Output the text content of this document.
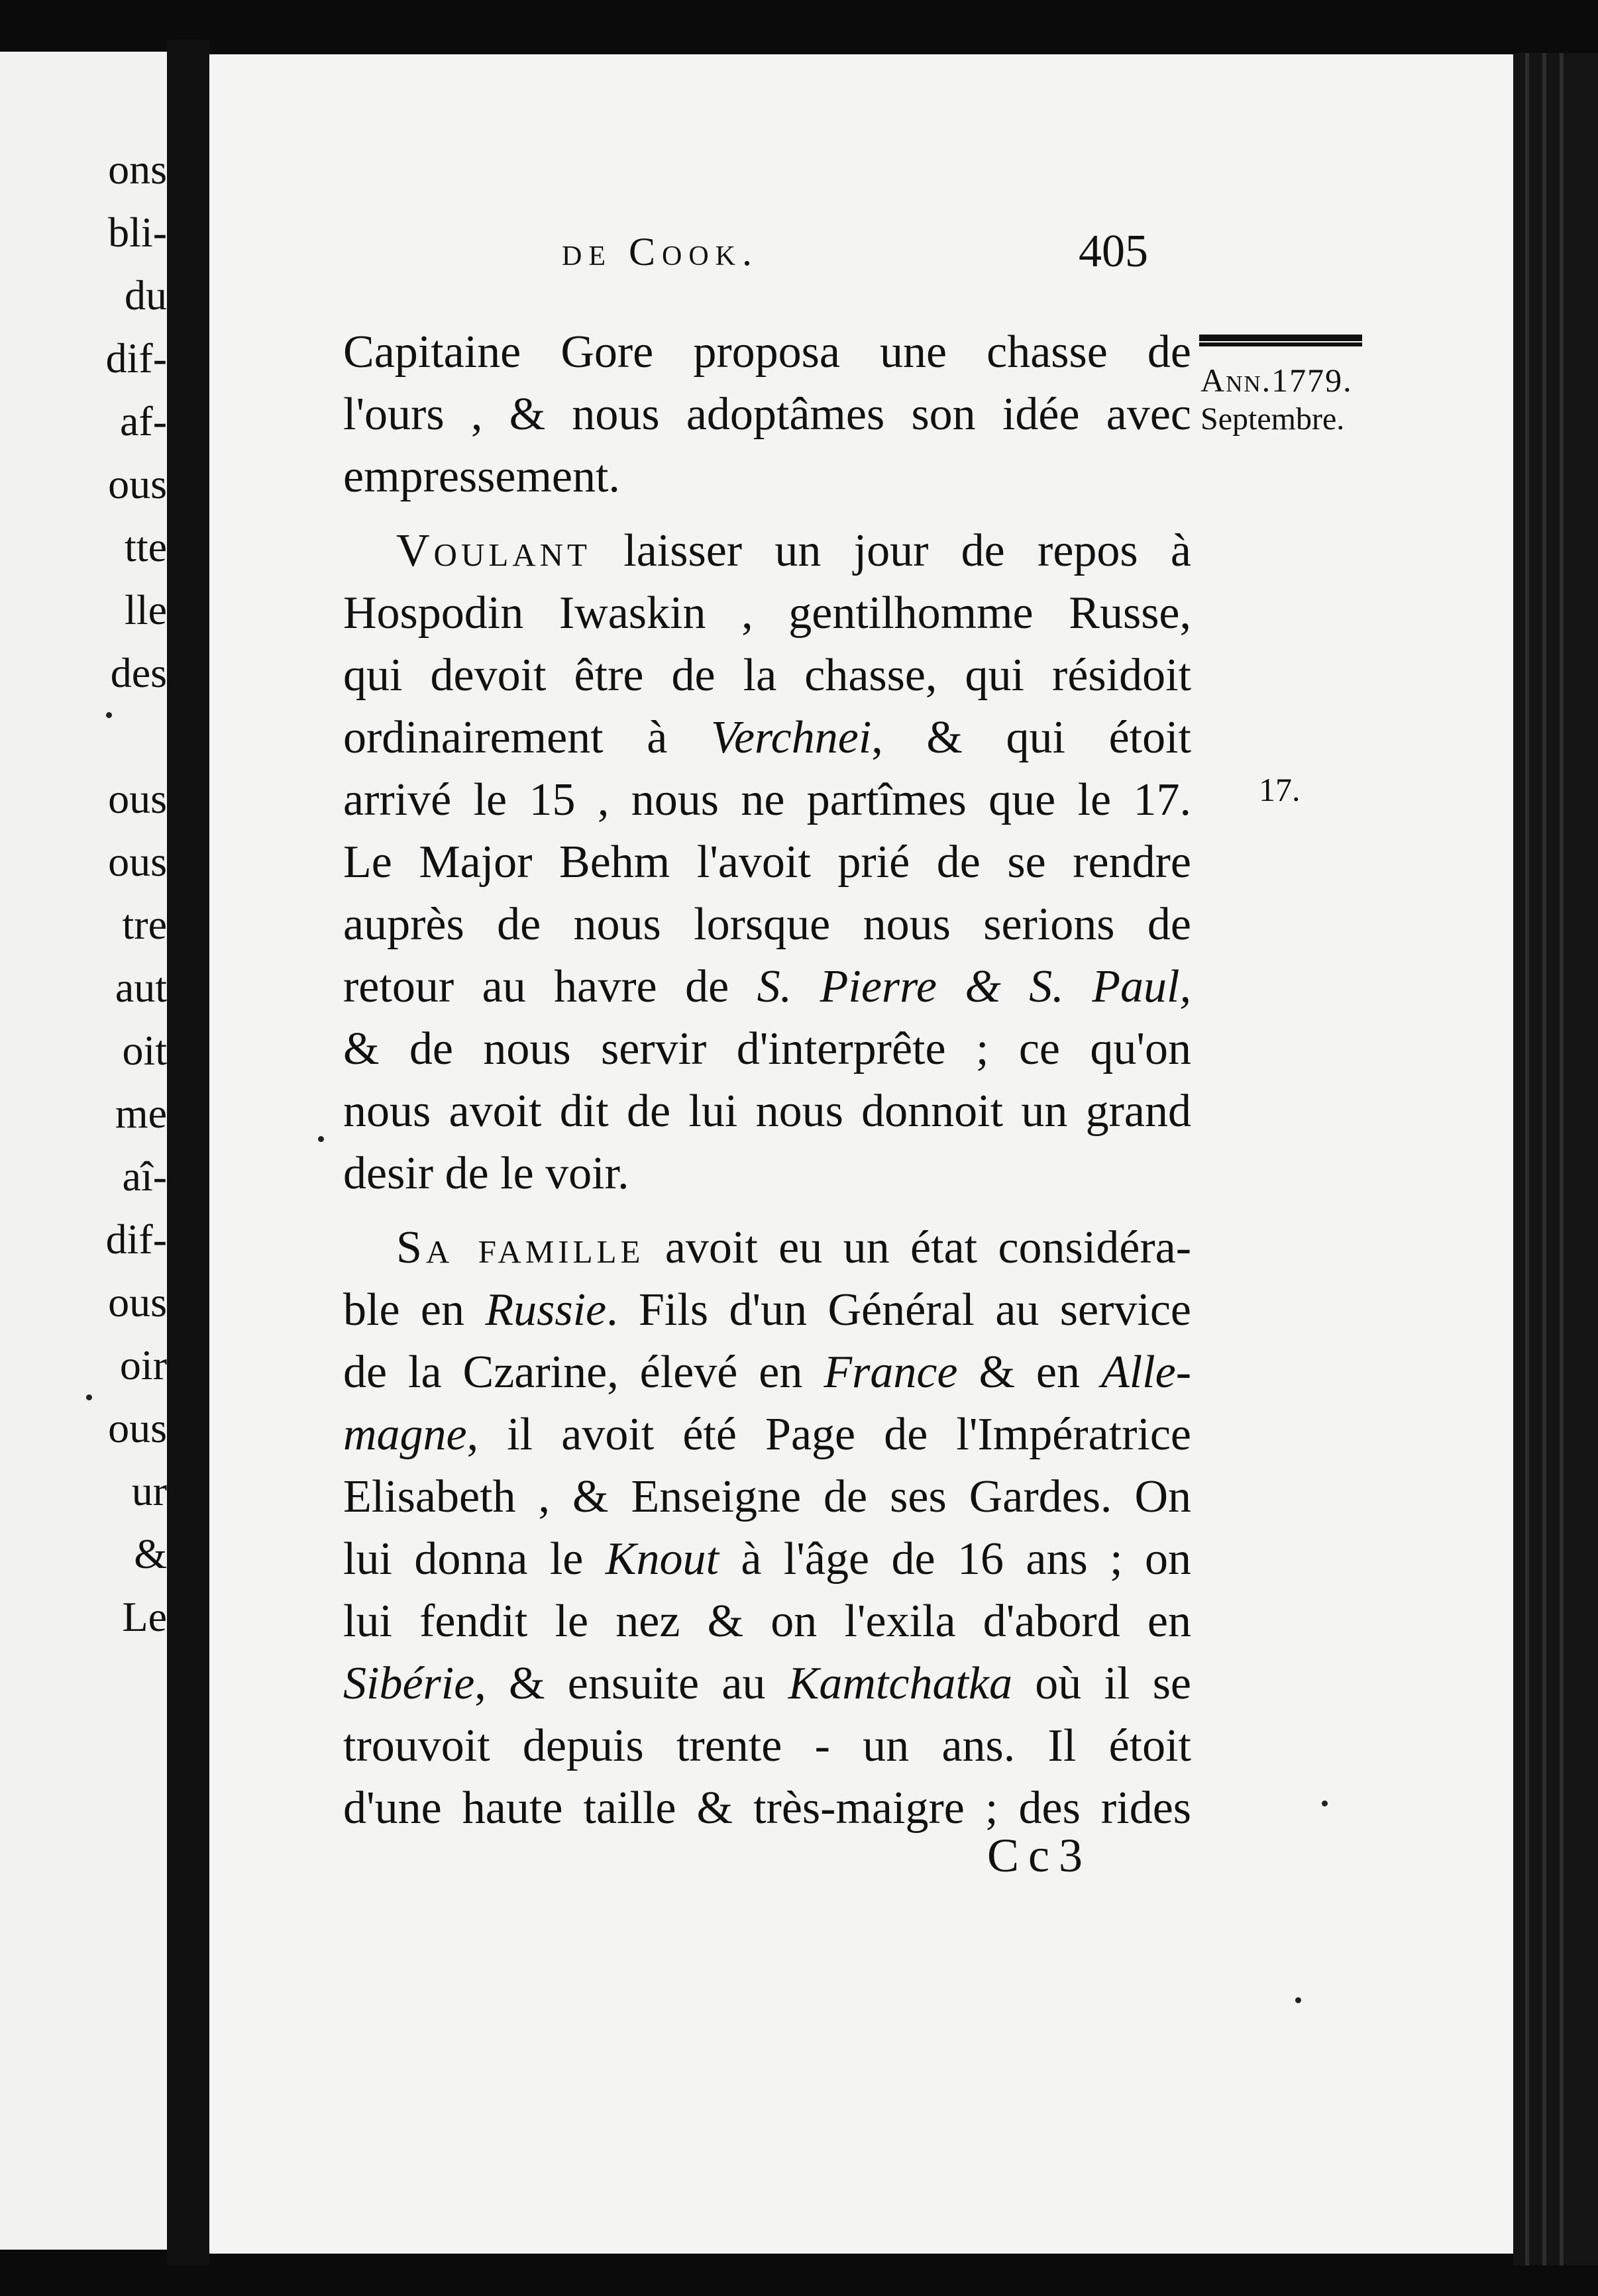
ons
bli-
du
dif-
af-
ous
tte
lle
des
ous
ous
tre
aut
oit
me
aî-
dif-
ous
oir
ous
ur
&
Le
de Cook.	405
Ann.1779.
Septembre.
17.
Capitaine Gore proposa une chasse de
l'ours , & nous adoptâmes son idée avec
empressement.
Voulant laisser un jour de repos à
Hospodin Iwaskin , gentilhomme Russe,
qui devoit être de la chasse, qui résidoit
ordinairement à Verchnei, & qui étoit
arrivé le 15 , nous ne partîmes que le 17.
Le Major Behm l'avoit prié de se rendre
auprès de nous lorsque nous serions de
retour au havre de S. Pierre & S. Paul,
& de nous servir d'interprête ; ce qu'on
nous avoit dit de lui nous donnoit un grand
desir de le voir.
Sa famille avoit eu un état considéra-
ble en Russie. Fils d'un Général au service
de la Czarine, élevé en France & en Alle-
magne, il avoit été Page de l'Impératrice
Elisabeth , & Enseigne de ses Gardes. On
lui donna le Knout à l'âge de 16 ans ; on
lui fendit le nez & on l'exila d'abord en
Sibérie, & ensuite au Kamtchatka où il se
trouvoit depuis trente - un ans. Il étoit
d'une haute taille & très-maigre ; des rides
Cc3
